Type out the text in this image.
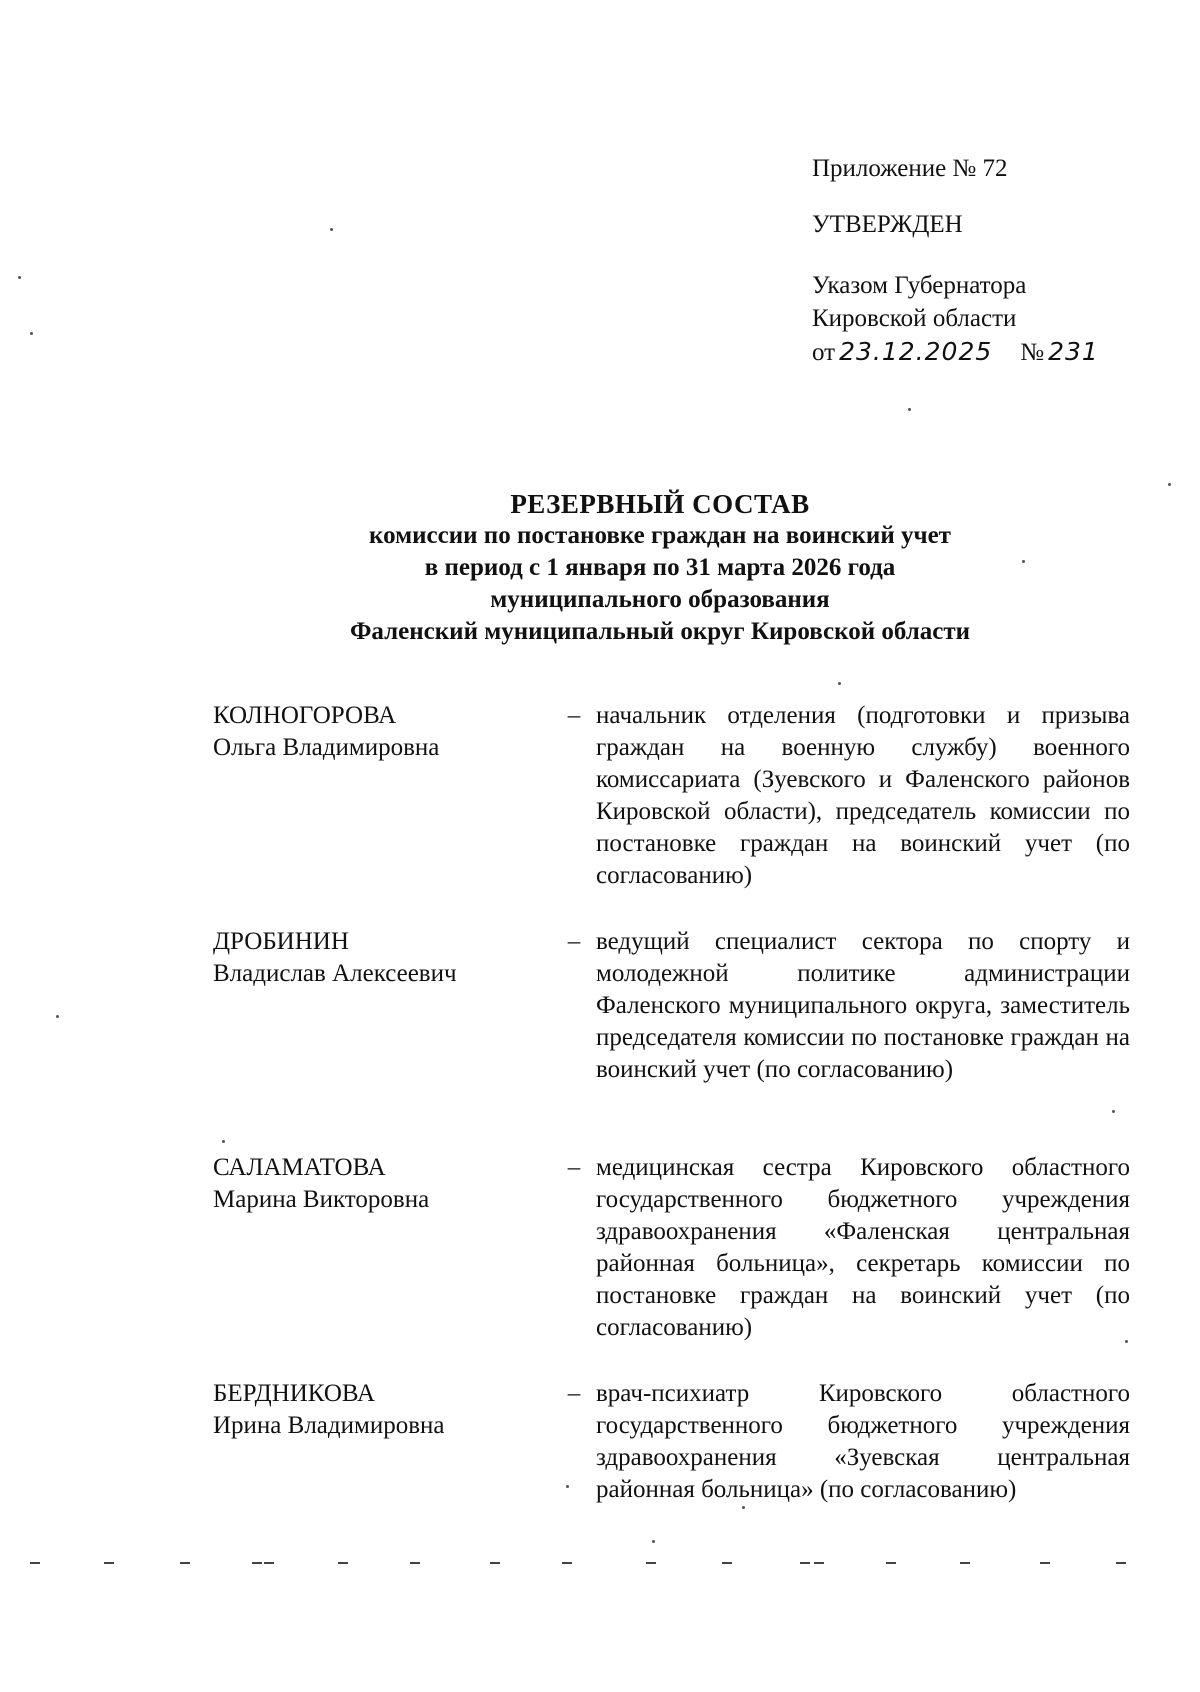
Приложение № 72
УТВЕРЖДЕН
Указом Губернатора
Кировской области
от 23.12.2025 № 231
РЕЗЕРВНЫЙ СОСТАВ
комиссии по постановке граждан на воинский учет
в период с 1 января по 31 марта 2026 года
муниципального образования
Фаленский муниципальный округ Кировской области
КОЛНОГОРОВА
Ольга Владимировна
– начальник отделения (подготовки и призыва граждан на военную службу) военного комиссариата (Зуевского и Фаленского районов Кировской области), председатель комиссии по постановке граждан на воинский учет (по согласованию)
ДРОБИНИН
Владислав Алексеевич
– ведущий специалист сектора по спорту и молодежной политике администрации Фаленского муниципального округа, заместитель председателя комиссии по постановке граждан на воинский учет (по согласованию)
САЛАМАТОВА
Марина Викторовна
– медицинская сестра Кировского областного государственного бюджетного учреждения здравоохранения «Фаленская центральная районная больница», секретарь комиссии по постановке граждан на воинский учет (по согласованию)
БЕРДНИКОВА
Ирина Владимировна
– врач-психиатр Кировского областного государственного бюджетного учреждения здравоохранения «Зуевская центральная районная больница» (по согласованию)
